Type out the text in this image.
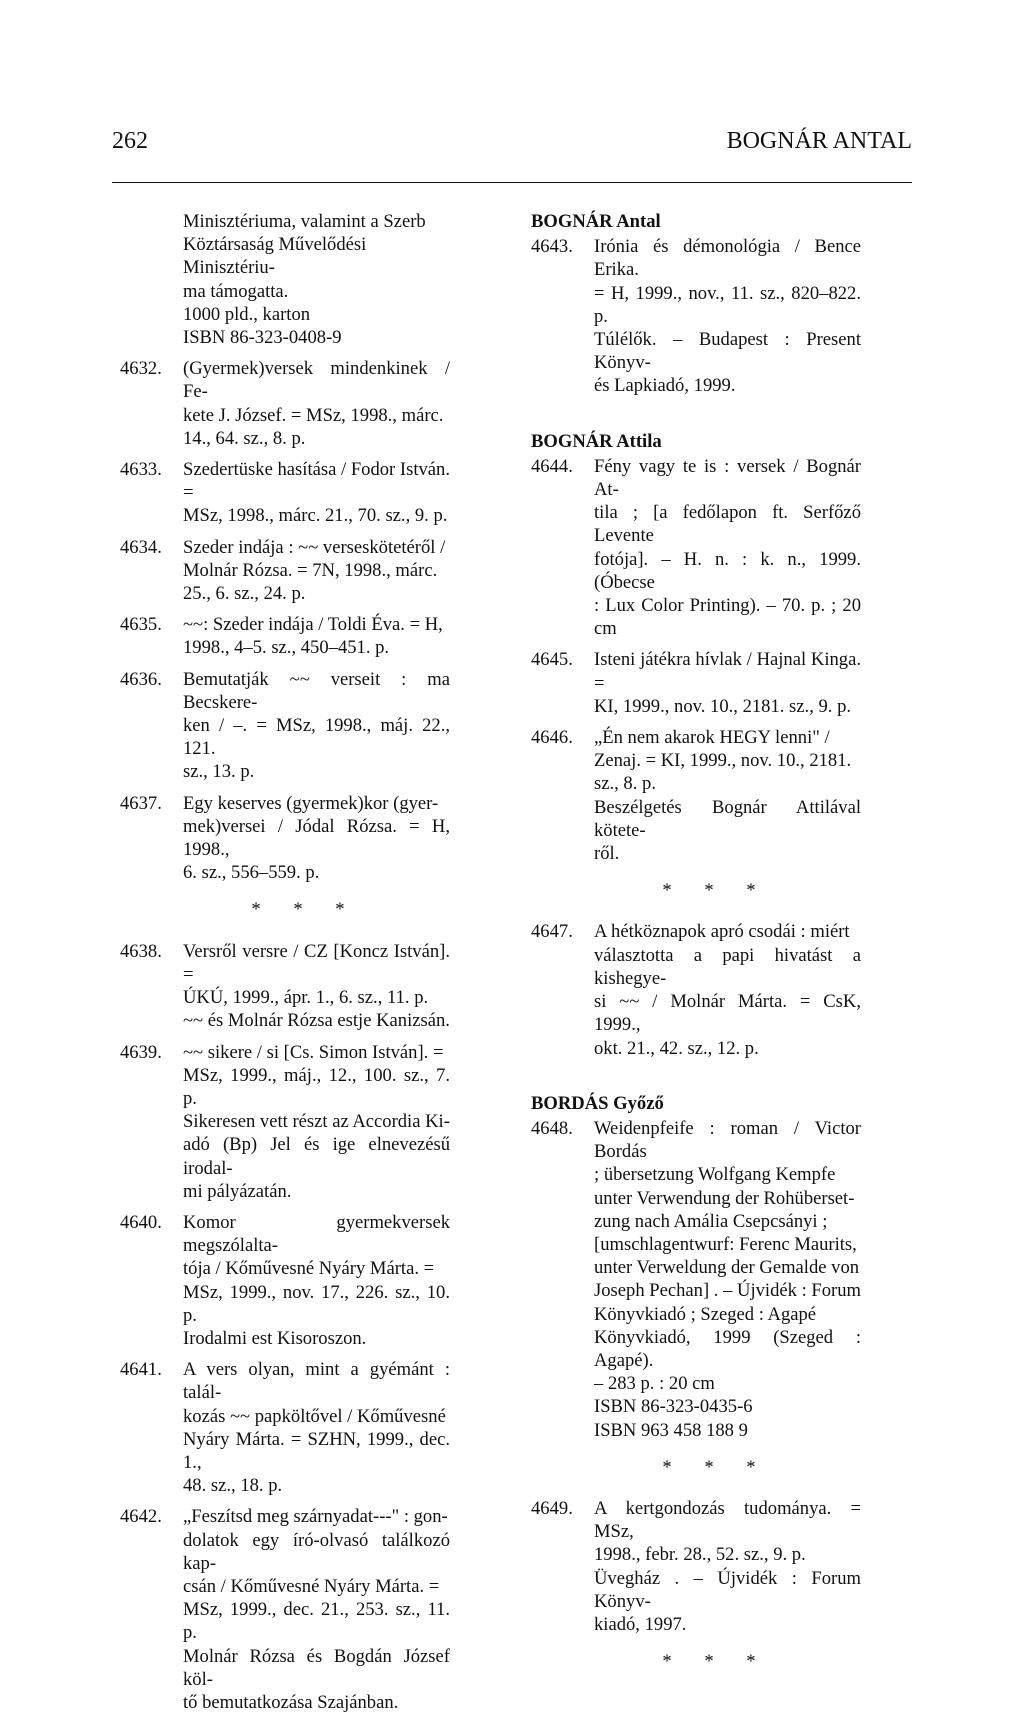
262	BOGNÁR ANTAL
Minisztériuma, valamint a Szerb
Köztársaság Művelődési Minisztériu-
ma támogatta.
1000 pld., karton
ISBN 86-323-0408-9
4632. (Gyermek)versek mindenkinek / Fe-
kete J. József. = MSz, 1998., márc.
14., 64. sz., 8. p.
4633. Szedertüske hasítása / Fodor István. =
MSz, 1998., márc. 21., 70. sz., 9. p.
4634. Szeder indája : ~~ verseskötetéről /
Molnár Rózsa. = 7N, 1998., márc.
25., 6. sz., 24. p.
4635. ~~: Szeder indája / Toldi Éva. = H,
1998., 4–5. sz., 450–451. p.
4636. Bemutatják ~~ verseit : ma Becskere-
ken / –. = MSz, 1998., máj. 22., 121.
sz., 13. p.
4637. Egy keserves (gyermek)kor (gyer-
mek)versei / Jódal Rózsa. = H, 1998.,
6. sz., 556–559. p.
* * *
4638. Versről versre / CZ [Koncz István]. =
ÚKÚ, 1999., ápr. 1., 6. sz., 11. p.
~~ és Molnár Rózsa estje Kanizsán.
4639. ~~ sikere / si [Cs. Simon István]. =
MSz, 1999., máj., 12., 100. sz., 7. p.
Sikeresen vett részt az Accordia Ki-
adó (Bp) Jel és ige elnevezésű irodal-
mi pályázatán.
4640. Komor gyermekversek megszólalta-
tója / Kőművesné Nyáry Márta. =
MSz, 1999., nov. 17., 226. sz., 10. p.
Irodalmi est Kisoroszon.
4641. A vers olyan, mint a gyémánt : talál-
kozás ~~ papköltővel / Kőművesné
Nyáry Márta. = SZHN, 1999., dec. 1.,
48. sz., 18. p.
4642. „Feszítsd meg szárnyadat---" : gon-
dolatok egy író-olvasó találkozó kap-
csán / Kőművesné Nyáry Márta. =
MSz, 1999., dec. 21., 253. sz., 11. p.
Molnár Rózsa és Bogdán József köl-
tő bemutatkozása Szajánban.
BOGNÁR Antal
4643. Irónia és démonológia / Bence Erika.
= H, 1999., nov., 11. sz., 820–822. p.
Túlélők. – Budapest : Present Könyv-
és Lapkiadó, 1999.
BOGNÁR Attila
4644. Fény vagy te is : versek / Bognár At-
tila ; [a fedőlapon ft. Serfőző Levente
fotója]. – H. n. : k. n., 1999. (Óbecse
: Lux Color Printing). – 70. p. ; 20 cm
4645. Isteni játékra hívlak / Hajnal Kinga. =
KI, 1999., nov. 10., 2181. sz., 9. p.
4646. „Én nem akarok HEGY lenni" /
Zenaj. = KI, 1999., nov. 10., 2181.
sz., 8. p.
Beszélgetés Bognár Attilával kötete-
ről.
* * *
4647. A hétköznapok apró csodái : miért
választotta a papi hivatást a kishegye-
si ~~ / Molnár Márta. = CsK, 1999.,
okt. 21., 42. sz., 12. p.
BORDÁS Győző
4648. Weidenpfeife : roman / Victor Bordás
; übersetzung Wolfgang Kempfe
unter Verwendung der Rohüberset-
zung nach Amália Csepcsányi ;
[umschlagentwurf: Ferenc Maurits,
unter Verweldung der Gemalde von
Joseph Pechan] . – Újvidék : Forum
Könyvkiadó ; Szeged : Agapé
Könyvkiadó, 1999 (Szeged : Agapé).
– 283 p. : 20 cm
ISBN 86-323-0435-6
ISBN 963 458 188 9
* * *
4649. A kertgondozás tudománya. = MSz,
1998., febr. 28., 52. sz., 9. p.
Üvegház . – Újvidék : Forum Könyv-
kiadó, 1997.
* * *
